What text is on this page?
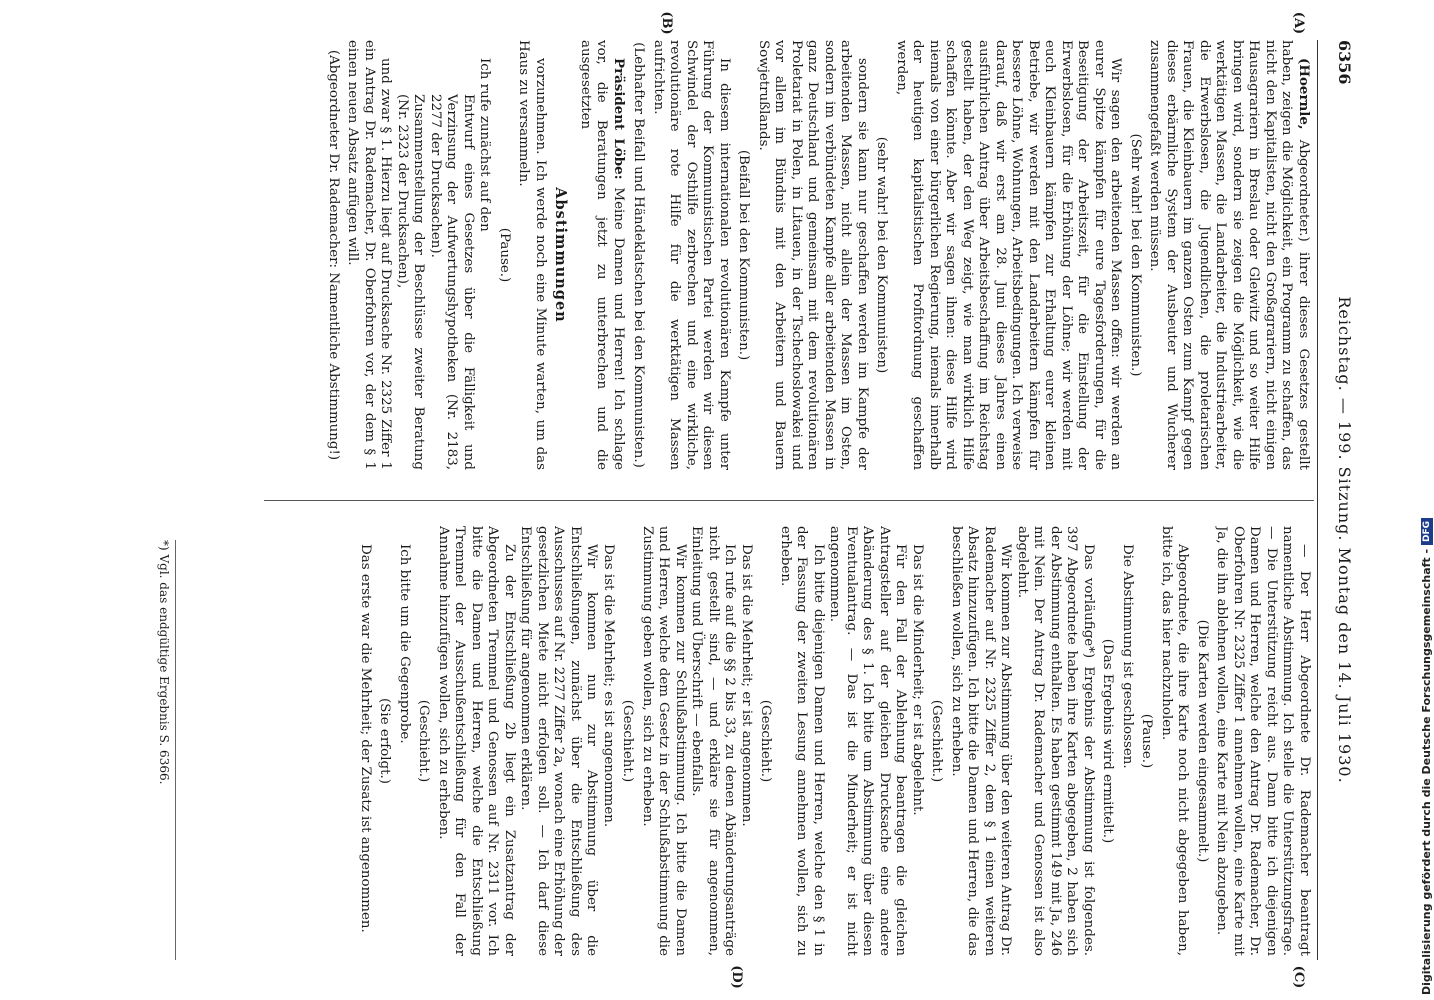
6356
Reichstag. — 199. Sitzung. Montag den 14. Juli 1930.
(A)
(B)
(C)
(D)

(Hoernle, Abgeordneter.) ihrer dieses Gesetzes gestellt haben, zeigen die Möglichkeit, ein Programm zu schaffen, das nicht den Kapitalisten, nicht den Großagrariern, nicht einigen Hausagrariern in Breslau oder Gleiwitz und so weiter Hilfe bringen wird, sondern sie zeigen die Möglichkeit, wie die werktätigen Massen, die Landarbeiter, die Industriearbeiter, die Erwerbslosen, die Jugendlichen, die proletarischen Frauen, die Kleinbauern im ganzen Osten zum Kampf gegen dieses erbärmliche System der Ausbeuter und Wucherer zusammengefaßt werden müssen.

(Sehr wahr! bei den Kommunisten.)

Wir sagen den arbeitenden Massen offen: wir werden an eurer Spitze kämpfen für eure Tagesforderungen, für die Beseitigung der Arbeitszeit, für die Einstellung der Erwerbslosen, für die Erhöhung der Löhne; wir werden mit euch Kleinbauern kämpfen zur Erhaltung eurer kleinen Betriebe, wir werden mit den Landarbeitern kämpfen für bessere Löhne, Wohnungen, Arbeitsbedingungen. Ich verweise darauf, daß wir erst am 28. Juni dieses Jahres einen ausführlichen Antrag über Arbeitsbeschaffung im Reichstag gestellt haben, der den Weg zeigt, wie man wirklich Hilfe schaffen könnte. Aber wir sagen ihnen: diese Hilfe wird niemals von einer bürgerlichen Regierung, niemals innerhalb der heutigen kapitalistischen Profitordnung geschaffen werden,

(sehr wahr! bei den Kommunisten)

sondern sie kann nur geschaffen werden im Kampfe der arbeitenden Massen, nicht allein der Massen im Osten, sondern im verbündeten Kampfe aller arbeitenden Massen in ganz Deutschland und gemeinsam mit dem revolutionären Proletariat in Polen, in Litauen, in der Tschechoslowakei und vor allem im Bündnis mit den Arbeitern und Bauern Sowjetrußlands.

(Beifall bei den Kommunisten.)

In diesem internationalen revolutionären Kampfe unter Führung der Kommunistischen Partei werden wir diesen Schwindel der Osthilfe zerbrechen und eine wirkliche, revolutionäre rote Hilfe für die werktätigen Massen aufrichten.

(Lebhafter Beifall und Händeklatschen bei den Kommunisten.)

Präsident Löbe: Meine Damen und Herren! Ich schlage vor, die Beratungen jetzt zu unterbrechen und die ausgesetzten

Abstimmungen

vorzunehmen. Ich werde noch eine Minute warten, um das Haus zu versammeln.

(Pause.)

Ich rufe zunächst auf den

Entwurf eines Gesetzes über die Fälligkeit und Verzinsung der Aufwertungshypotheken (Nr. 2183, 2277 der Drucksachen).

Zusammenstellung der Beschlüsse zweiter Beratung (Nr. 2323 der Drucksachen),

und zwar § 1. Hierzu liegt auf Drucksache Nr. 2325 Ziffer 1 ein Antrag Dr. Rademacher, Dr. Oberfohren vor, der dem § 1 einen neuen Absatz anfügen will.

(Abgeordneter Dr. Rademacher: Namentliche Abstimmung!)

— Der Herr Abgeordnete Dr. Rademacher beantragt namentliche Abstimmung. Ich stelle die Unterstützungsfrage. — Die Unterstützung reicht aus. Dann bitte ich diejenigen Damen und Herren, welche den Antrag Dr. Rademacher, Dr. Oberfohren Nr. 2325 Ziffer 1 annehmen wollen, eine Karte mit Ja, die ihn ablehnen wollen, eine Karte mit Nein abzugeben.

(Die Karten werden eingesammelt.)

Abgeordnete, die ihre Karte noch nicht abgegeben haben, bitte ich, das hier nachzuholen.

(Pause.)

Die Abstimmung ist geschlossen.

(Das Ergebnis wird ermittelt.)

Das vorläufige*) Ergebnis der Abstimmung ist folgendes. 397 Abgeordnete haben ihre Karten abgegeben, 2 haben sich der Abstimmung enthalten. Es haben gestimmt 149 mit Ja, 246 mit Nein. Der Antrag Dr. Rademacher und Genossen ist also abgelehnt.

Wir kommen zur Abstimmung über den weiteren Antrag Dr. Rademacher auf Nr. 2325 Ziffer 2, dem § 1 einen weiteren Absatz hinzuzufügen. Ich bitte die Damen und Herren, die das beschließen wollen, sich zu erheben.

(Geschieht.)

Das ist die Minderheit; er ist abgelehnt.

Für den Fall der Ablehnung beantragen die gleichen Antragsteller auf der gleichen Drucksache eine andere Abänderung des § 1. Ich bitte um Abstimmung über diesen Eventualantrag. — Das ist die Minderheit; er ist nicht angenommen.

Ich bitte diejenigen Damen und Herren, welche den § 1 in der Fassung der zweiten Lesung annehmen wollen, sich zu erheben.

(Geschieht.)

Das ist die Mehrheit; er ist angenommen.

Ich rufe auf die §§ 2 bis 33, zu denen Abänderungsanträge nicht gestellt sind, — und erkläre sie für angenommen, Einleitung und Überschrift — ebenfalls.

Wir kommen zur Schlußabstimmung. Ich bitte die Damen und Herren, welche dem Gesetz in der Schlußabstimmung die Zustimmung geben wollen, sich zu erheben.

(Geschieht.)

Das ist die Mehrheit; es ist angenommen.

Wir kommen nun zur Abstimmung über die Entschließungen, zunächst über die Entschließung des Ausschusses auf Nr. 2277 Ziffer 2a, wonach eine Erhöhung der gesetzlichen Miete nicht erfolgen soll. — Ich darf diese Entschließung für angenommen erklären.

Zu der Entschließung 2b liegt ein Zusatzantrag der Abgeordneten Tremmel und Genossen auf Nr. 2311 vor. Ich bitte die Damen und Herren, welche die Entschließung Tremmel der Ausschußentschließung für den Fall der Annahme hinzufügen wollen, sich zu erheben.

(Geschieht.)

Ich bitte um die Gegenprobe.

(Sie erfolgt.)

Das erste war die Mehrheit; der Zusatz ist angenommen.

*) Vgl. das endgültige Ergebnis S. 6366.	Digitalisierung gefördert durch die Deutsche Forschungsgemeinschaft -
DFG
